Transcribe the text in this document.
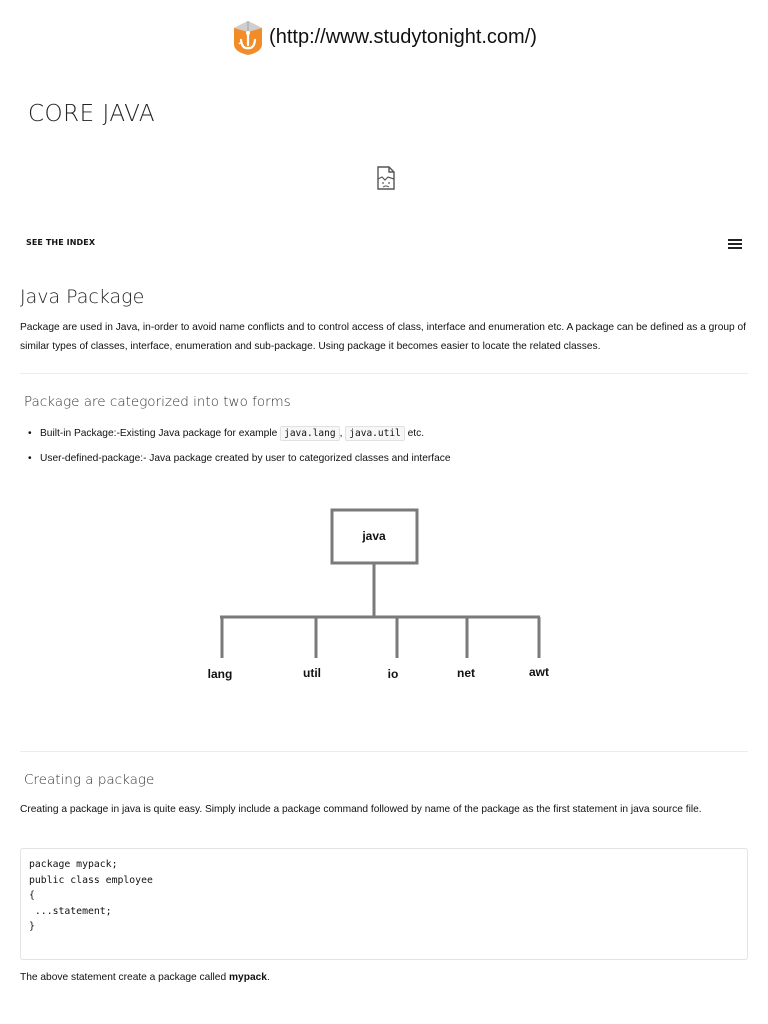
(http://www.studytonight.com/)
CORE JAVA
SEE THE INDEX
Java Package

Package are used in Java, in-order to avoid name conflicts and to control access of class, interface and enumeration etc. A package can be defined as a group of similar types of classes, interface, enumeration and sub-package. Using package it becomes easier to locate the related classes.

Package are categorized into two forms
• Built-in Package:-Existing Java package for example java.lang , java.util etc.
• User-defined-package:- Java package created by user to categorized classes and interface
java
lang	util	io	net	awt
Creating a package

Creating a package in java is quite easy. Simply include a package command followed by name of the package as the first statement in java source file.

package mypack;
public class employee
{
...statement;
}

The above statement create a package called mypack.
